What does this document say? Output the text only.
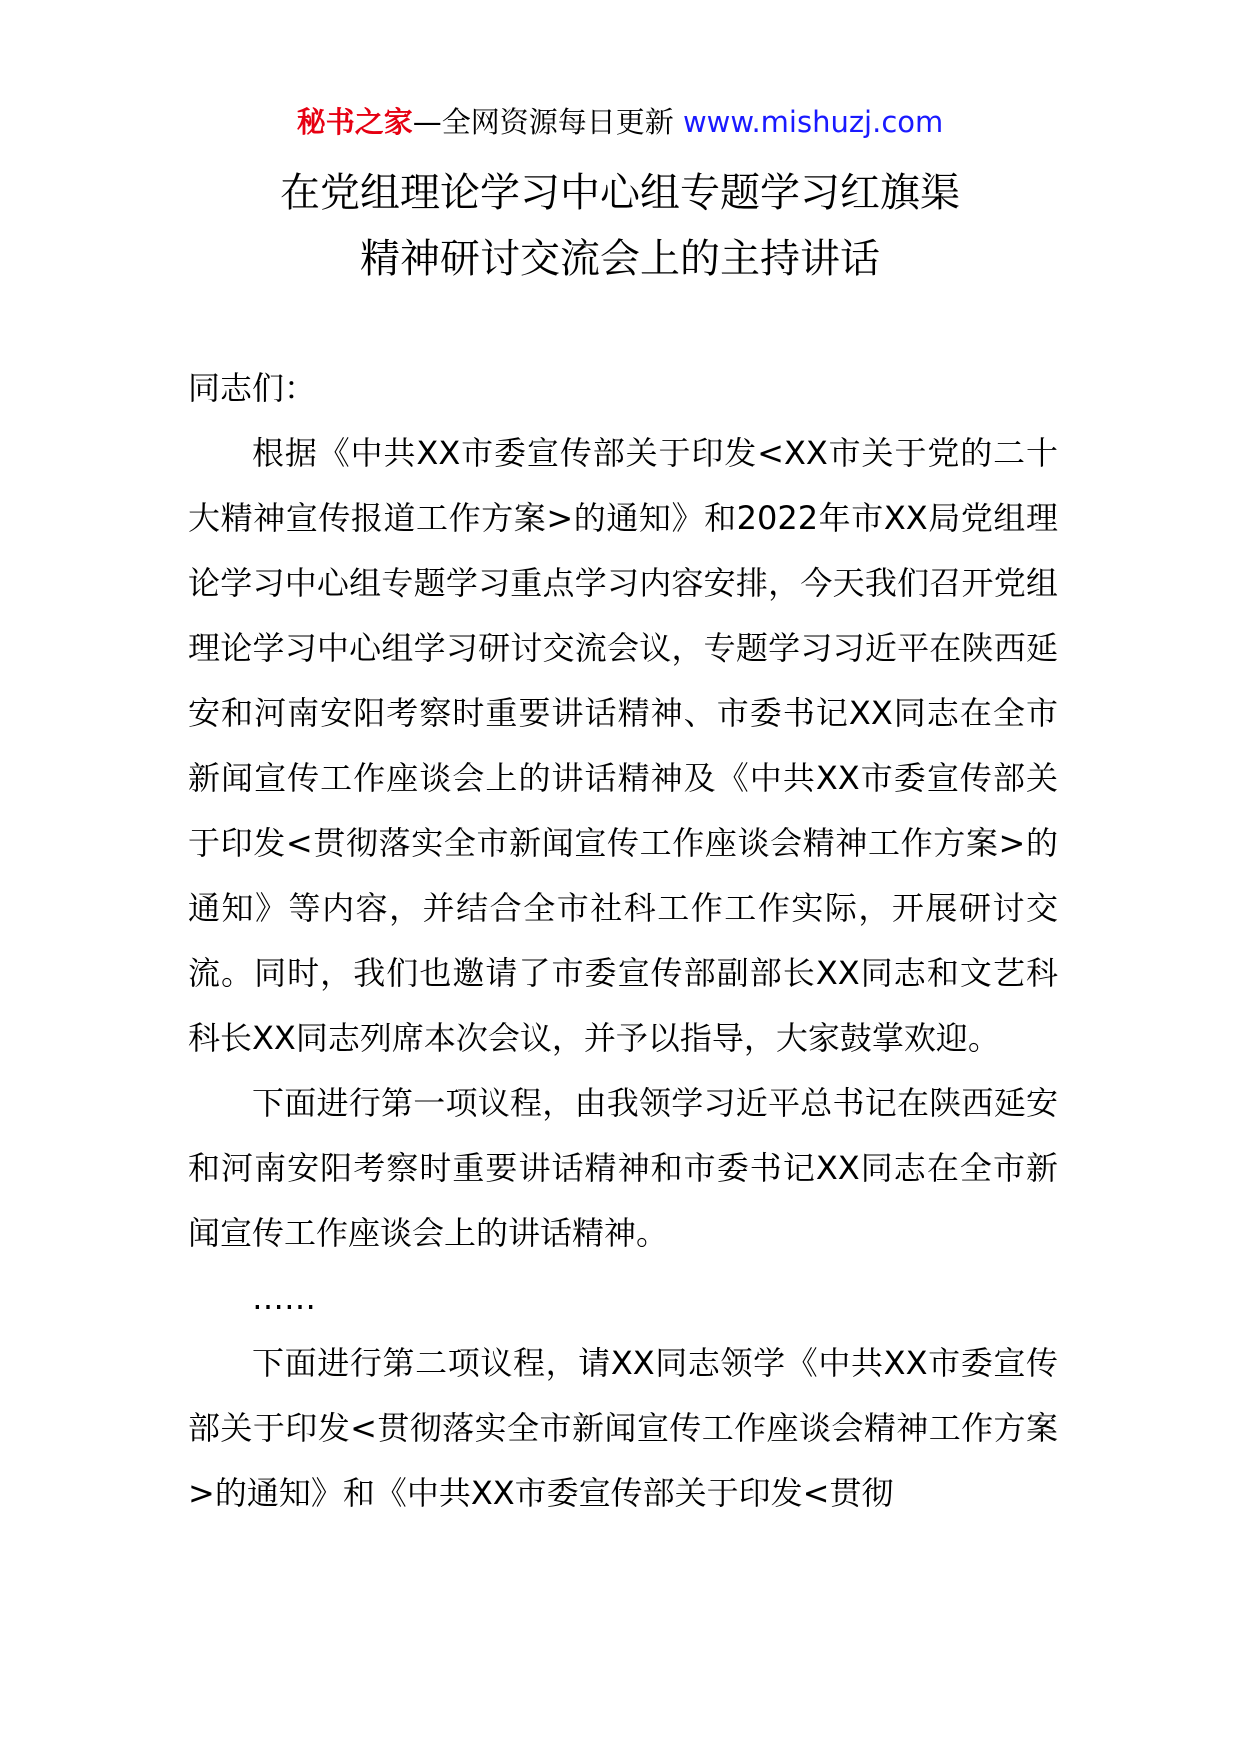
秘书之家—全网资源每日更新 www.mishuzj.com
在党组理论学习中心组专题学习红旗渠
精神研讨交流会上的主持讲话

同志们：

根据《中共XX市委宣传部关于印发<XX市关于党的二十大精神宣传报道工作方案>的通知》和2022年市XX局党组理论学习中心组专题学习重点学习内容安排，今天我们召开党组理论学习中心组学习研讨交流会议，专题学习习近平在陕西延安和河南安阳考察时重要讲话精神、市委书记XX同志在全市新闻宣传工作座谈会上的讲话精神及《中共XX市委宣传部关于印发<贯彻落实全市新闻宣传工作座谈会精神工作方案>的通知》等内容，并结合全市社科工作工作实际，开展研讨交流。同时，我们也邀请了市委宣传部副部长XX同志和文艺科科长XX同志列席本次会议，并予以指导，大家鼓掌欢迎。

下面进行第一项议程，由我领学习近平总书记在陕西延安和河南安阳考察时重要讲话精神和市委书记XX同志在全市新闻宣传工作座谈会上的讲话精神。

……

下面进行第二项议程，请XX同志领学《中共XX市委宣传部关于印发<贯彻落实全市新闻宣传工作座谈会精神工作方案>的通知》和《中共XX市委宣传部关于印发<贯彻
